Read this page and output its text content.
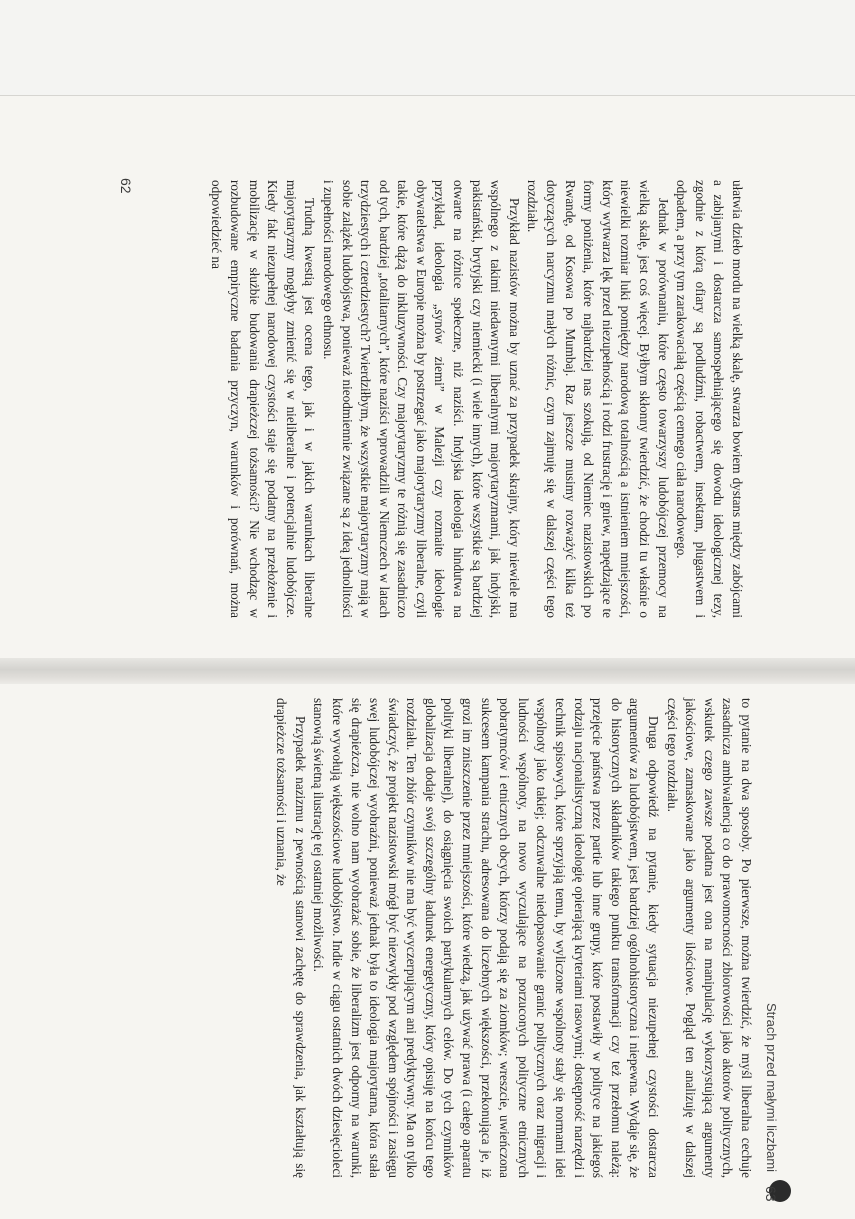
62	ułatwia dzieło mordu na wielką skalę, stwarza bowiem dystans między zabójcami a zabijanymi i dostarcza samospełniającego się dowodu ideologicznej tezy, zgodnie z którą ofiary są podludźmi, robactwem, insektam, plugastwem i odpadem, a przy tym zarakowaciałą częścią cennego ciała narodowego.

Jednak w porównaniu, które często towarzyszy ludobójczej przemocy na wielką skalę, jest coś więcej. Byłbym skłonny twierdzić, że chodzi tu właśnie o niewielki rozmiar luki pomiędzy narodową totalnością a istnieniem mniejszości, który wytwarza lęk przed niezupełnością i rodzi frustrację i gniew, napędzające te formy poniżenia, które najbardziej nas szokują, od Niemiec nazistowskich po Rwandę, od Kosowa po Mumbaj. Raz jeszcze musimy rozważyć kilka też dotyczących narcyzmu małych różnic, czym zajmuję się w dalszej części tego rozdziału.

Przykład nazistów można by uznać za przypadek skrajny, który niewiele ma wspólnego z takimi niedawnymi liberalnymi majorytaryzmami, jak indyjski, pakistański, brytyjski czy niemiecki (i wiele innych), które wszystkie są bardziej otwarte na różnice społeczne, niż naziści. Indyjska ideologia hindutwa na przykład, ideologia „synów ziemi” w Malezji czy rozmaite ideologie obywatelstwa w Europie można by postrzegać jako majorytaryzmy liberalne, czyli takie, które dążą do inkluzywności. Czy majorytaryzmy te różnią się zasadniczo od tych, bardziej „totalitarnych”, które naziści wprowadzili w Niemczech w latach trzydziestych i czterdziestych? Twierdziłbym, że wszystkie majorytaryzmy mają w sobie zalążek ludobójstwa, ponieważ nieodmiennie związane są z ideą jednolitości i zupełności narodowego ethnosu.

Trudną kwestią jest ocena tego, jak i w jakich warunkach liberalne majorytaryzmy mogłyby zmienić się w nieliberalne i potencjalnie ludobójcze. Kiedy fakt niezupełnej narodowej czystości staje się podatny na przełożenie i mobilizację w służbie budowania drapieżczej tożsamości? Nie wchodząc w rozbudowane empiryczne badania przyczyn, warunków i porównań, można odpowiedzieć na

Strach przed małymi liczbami
63

to pytanie na dwa sposoby. Po pierwsze, można twierdzić, że myśl liberalna cechuje zasadnicza ambiwalencja co do prawomocności zbiorowości jako aktorów politycznych, wskutek czego zawsze podatna jest ona na manipulację wykorzystującą argumenty jakościowe, zamaskowane jako argumenty ilościowe. Pogląd ten analizuję w dalszej części tego rozdziału.

Druga odpowiedź na pytanie, kiedy sytuacja niezupełnej czystości dostarcza argumentów za ludobójstwem, jest bardziej ogólnohistoryczna i niepewna. Wydaje się, że do historycznych składników takiego punktu transformacji czy też przełomu należą: przejęcie państwa przez partie lub inne grupy, które postawiły w polityce na jakiegoś rodzaju nacjonalistyczną ideologię opierającą kryteriami rasowymi; dostępność narzędzi i technik spisowych, które sprzyjają temu, by wyliczone wspólnoty stały się normami idei wspólnoty jako takiej; odczuwalne niedopasowanie granic politycznych oraz migracji i ludności wspólnoty, na nowo wyczulające na porzuconych polityczne etnicznych pobratymców i etnicznych obcych, którzy podają się za ziomków; wreszcie, uwieńczona sukcesem kampania strachu, adresowana do liczebnych większości, przekonująca je, iż grozi im zniszczenie przez mniejszości, które wiedzą, jak używać prawa (i całego aparatu polityki liberalnej), do osiągnięcia swoich partykularnych celów. Do tych czynników globalizacja dodaje swój szczególny ładunek energetyczny, który opisuję na końcu tego rozdziału. Ten zbiór czynników nie ma być wyczerpującym ani predyktywny. Ma on tylko świadczyć, że projekt nazistowski mógł być niezwykły pod względem spójności i zasięgu swej ludobójczej wyobraźni, ponieważ jednak była to ideologia majorytarna, która stała się drapieżcza, nie wolno nam wyobrażać sobie, że liberalizm jest odporny na warunki, które wywołują większościowe ludobójstwo. Indie w ciągu ostatnich dwóch dziesięcioleci stanowią świetną ilustrację tej ostatniej możliwości.

Przypadek nazizmu z pewnością stanowi zachętę do sprawdzenia, jak kształtują się drapieżcze tożsamości i uznania, że
